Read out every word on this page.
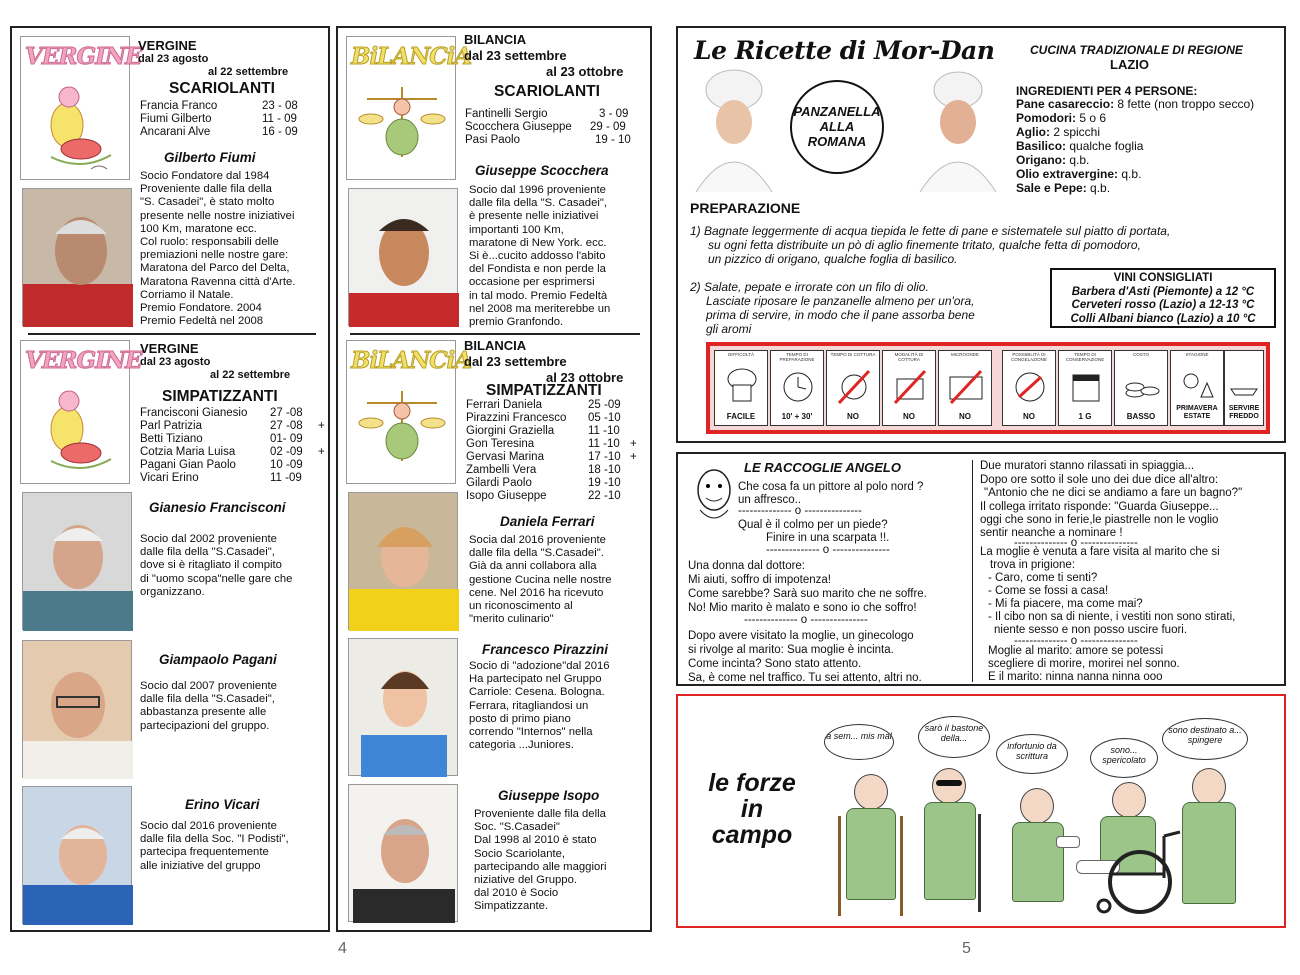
VERGINE
VERGINE
dal 23 agosto
al 22 settembre
SCARIOLANTI
Francia Franco	23 - 08
Fiumi Gilberto	11 - 09
Ancarani Alve	16 - 09
Gilberto Fiumi
Socio Fondatore dal 1984
Proveniente dalle fila della
"S. Casadei", è stato molto
presente nelle nostre iniziativei
100 Km, maratone ecc.
Col ruolo: responsabili delle
premiazioni nelle nostre gare:
Maratona del Parco del Delta,
Maratona Ravenna città d'Arte.
Corriamo il Natale.
Premio Fondatore. 2004
Premio Fedeltà nel 2008
VERGINE
VERGINE
dal 23 agosto
al 22 settembre
SIMPATIZZANTI
Francisconi Gianesio 27 -08
Parl Patrizia	27 -08 +
Betti Tiziano	01- 09
Cotzia Maria Luisa	02 -09 +
Pagani Gian Paolo	10 -09
Vicari Erino	11 -09
Gianesio Francisconi
Socio dal 2002 proveniente
dalle fila della "S.Casadei",
dove si è ritagliato il compito
di "uomo scopa"nelle gare che
organizzano.
Giampaolo Pagani
Socio dal 2007 proveniente
dalle fila della "S.Casadei",
abbastanza presente alle
partecipazioni del gruppo.
Erino Vicari
Socio dal 2016 proveniente
dalle fila della Soc. "I Podisti",
partecipa frequentemente
alle iniziative del gruppo
BiLANCiA
BILANCIA
dal 23 settembre
al 23 ottobre
SCARIOLANTI
Fantinelli Sergio	3 - 09
Scocchera Giuseppe 29 - 09
Pasi Paolo	19 - 10
Giuseppe Scocchera
Socio dal 1996 proveniente
dalle fila della "S. Casadei",
è presente nelle iniziativei
importanti 100 Km,
maratone di New York. ecc.
Si è...cucito addosso l'abito
del Fondista e non perde la
occasione per esprimersi
in tal modo. Premio Fedeltà
nel 2008 ma meriterebbe un
premio Granfondo.
BiLANCiA
BILANCIA
dal 23 settembre
al 23 ottobre
SIMPATIZZANTI
Ferrari Daniela	25 -09
Pirazzini Francesco 05 -10
Giorgini Graziella	11 -10
Gon Teresina	11 -10 +
Gervasi Marina	17 -10 +
Zambelli Vera	18 -10
Gilardi Paolo	19 -10
Isopo Giuseppe	22 -10
Daniela Ferrari
Socia dal 2016 proveniente
dalle fila della "S.Casadei".
Già da anni collabora alla
gestione Cucina nelle nostre
cene. Nel 2016 ha ricevuto
un riconoscimento al
"merito culinario"
Francesco Pirazzini
Socio di "adozione"dal 2016
Ha partecipato nel Gruppo
Carriole: Cesena. Bologna.
Ferrara, ritagliandosi un
posto di primo piano
correndo "Internos" nella
categoria ...Juniores.
Giuseppe Isopo
Proveniente dalle fila della
Soc. "S.Casadei"
Dal 1998 al 2010 è stato
Socio Scariolante,
partecipando alle maggiori
niziative del Gruppo.
dal 2010 è Socio
Simpatizzante.
4
Le Ricette di Mor-Dan	CUCINA TRADIZIONALE DI REGIONE
LAZIO
PANZANELLA
ALLA
ROMANA
INGREDIENTI PER 4 PERSONE:
Pane casareccio: 8 fette (non troppo secco)
Pomodori: 5 o 6
Aglio: 2 spicchi
Basilico: qualche foglia
Origano: q.b.
Olio extravergine: q.b.
Sale e Pepe: q.b.
PREPARAZIONE
1) Bagnate leggermente di acqua tiepida le fette di pane e sistematele sul piatto di portata,
su ogni fetta distribuite un pò di aglio finemente tritato, qualche fetta di pomodoro,
un pizzico di origano, qualche foglia di basilico.
2) Salate, pepate e irrorate con un filo di olio.
Lasciate riposare le panzanelle almeno per un'ora,
prima di servire, in modo che il pane assorba bene
gli aromi
VINI CONSIGLIATI
Barbera d'Asti (Piemonte) a 12 °C
Cerveteri rosso (Lazio) a 12-13 °C
Colli Albani bianco (Lazio) a 10 °C
DIFFICOLTÀ
FACILE
TEMPO DI PREPARAZIONE
10' + 30'
TEMPO DI COTTURA
NO
MODALITÀ DI COTTURA
NO
MICROONDE
NO
POSSIBILITÀ DI CONGELAZIONE
NO
TEMPO DI CONSERVAZIONE
1 G
COSTO
BASSO
STAGIONE
PRIMAVERA ESTATE
SERVIRE FREDDO
LE RACCOGLIE ANGELO
Che cosa fa un pittore al polo nord ?
un affresco..
-------------- o ---------------
Qual è il colmo per un piede?
Finire in una scarpata !!.
-------------- o ---------------
Una donna dal dottore:
Mi aiuti, soffro di impotenza!
Come sarebbe? Sarà suo marito che ne soffre.
No! Mio marito è malato e sono io che soffro!
-------------- o ---------------
Dopo avere visitato la moglie, un ginecologo
si rivolge al marito: Sua moglie è incinta.
Come incinta? Sono stato attento.
Sa, è come nel traffico. Tu sei attento, altri no.
Due muratori stanno rilassati in spiaggia...
Dopo ore sotto il sole uno dei due dice all'altro:
"Antonio che ne dici se andiamo a fare un bagno?"
Il collega irritato risponde: "Guarda Giuseppe...
oggi che sono in ferie,le piastrelle non le voglio
sentir neanche a nominare !
-------------- o ---------------
La moglie è venuta a fare visita al marito che si
trova in prigione:
- Caro, come ti senti?
- Come se fossi a casa!
- Mi fa piacere, ma come mai?
- Il cibo non sa di niente, i vestiti non sono stirati,
niente sesso e non posso uscire fuori.
-------------- o ---------------
Moglie al marito: amore se potessi
scegliere di morire, morirei nel sonno.
E il marito: ninna nanna ninna ooo
le forze
in
campo
a sem... mis mal
sarò il bastone della...
infortunio da scrittura
sono... spericolato
sono destinato a... spingere
5
